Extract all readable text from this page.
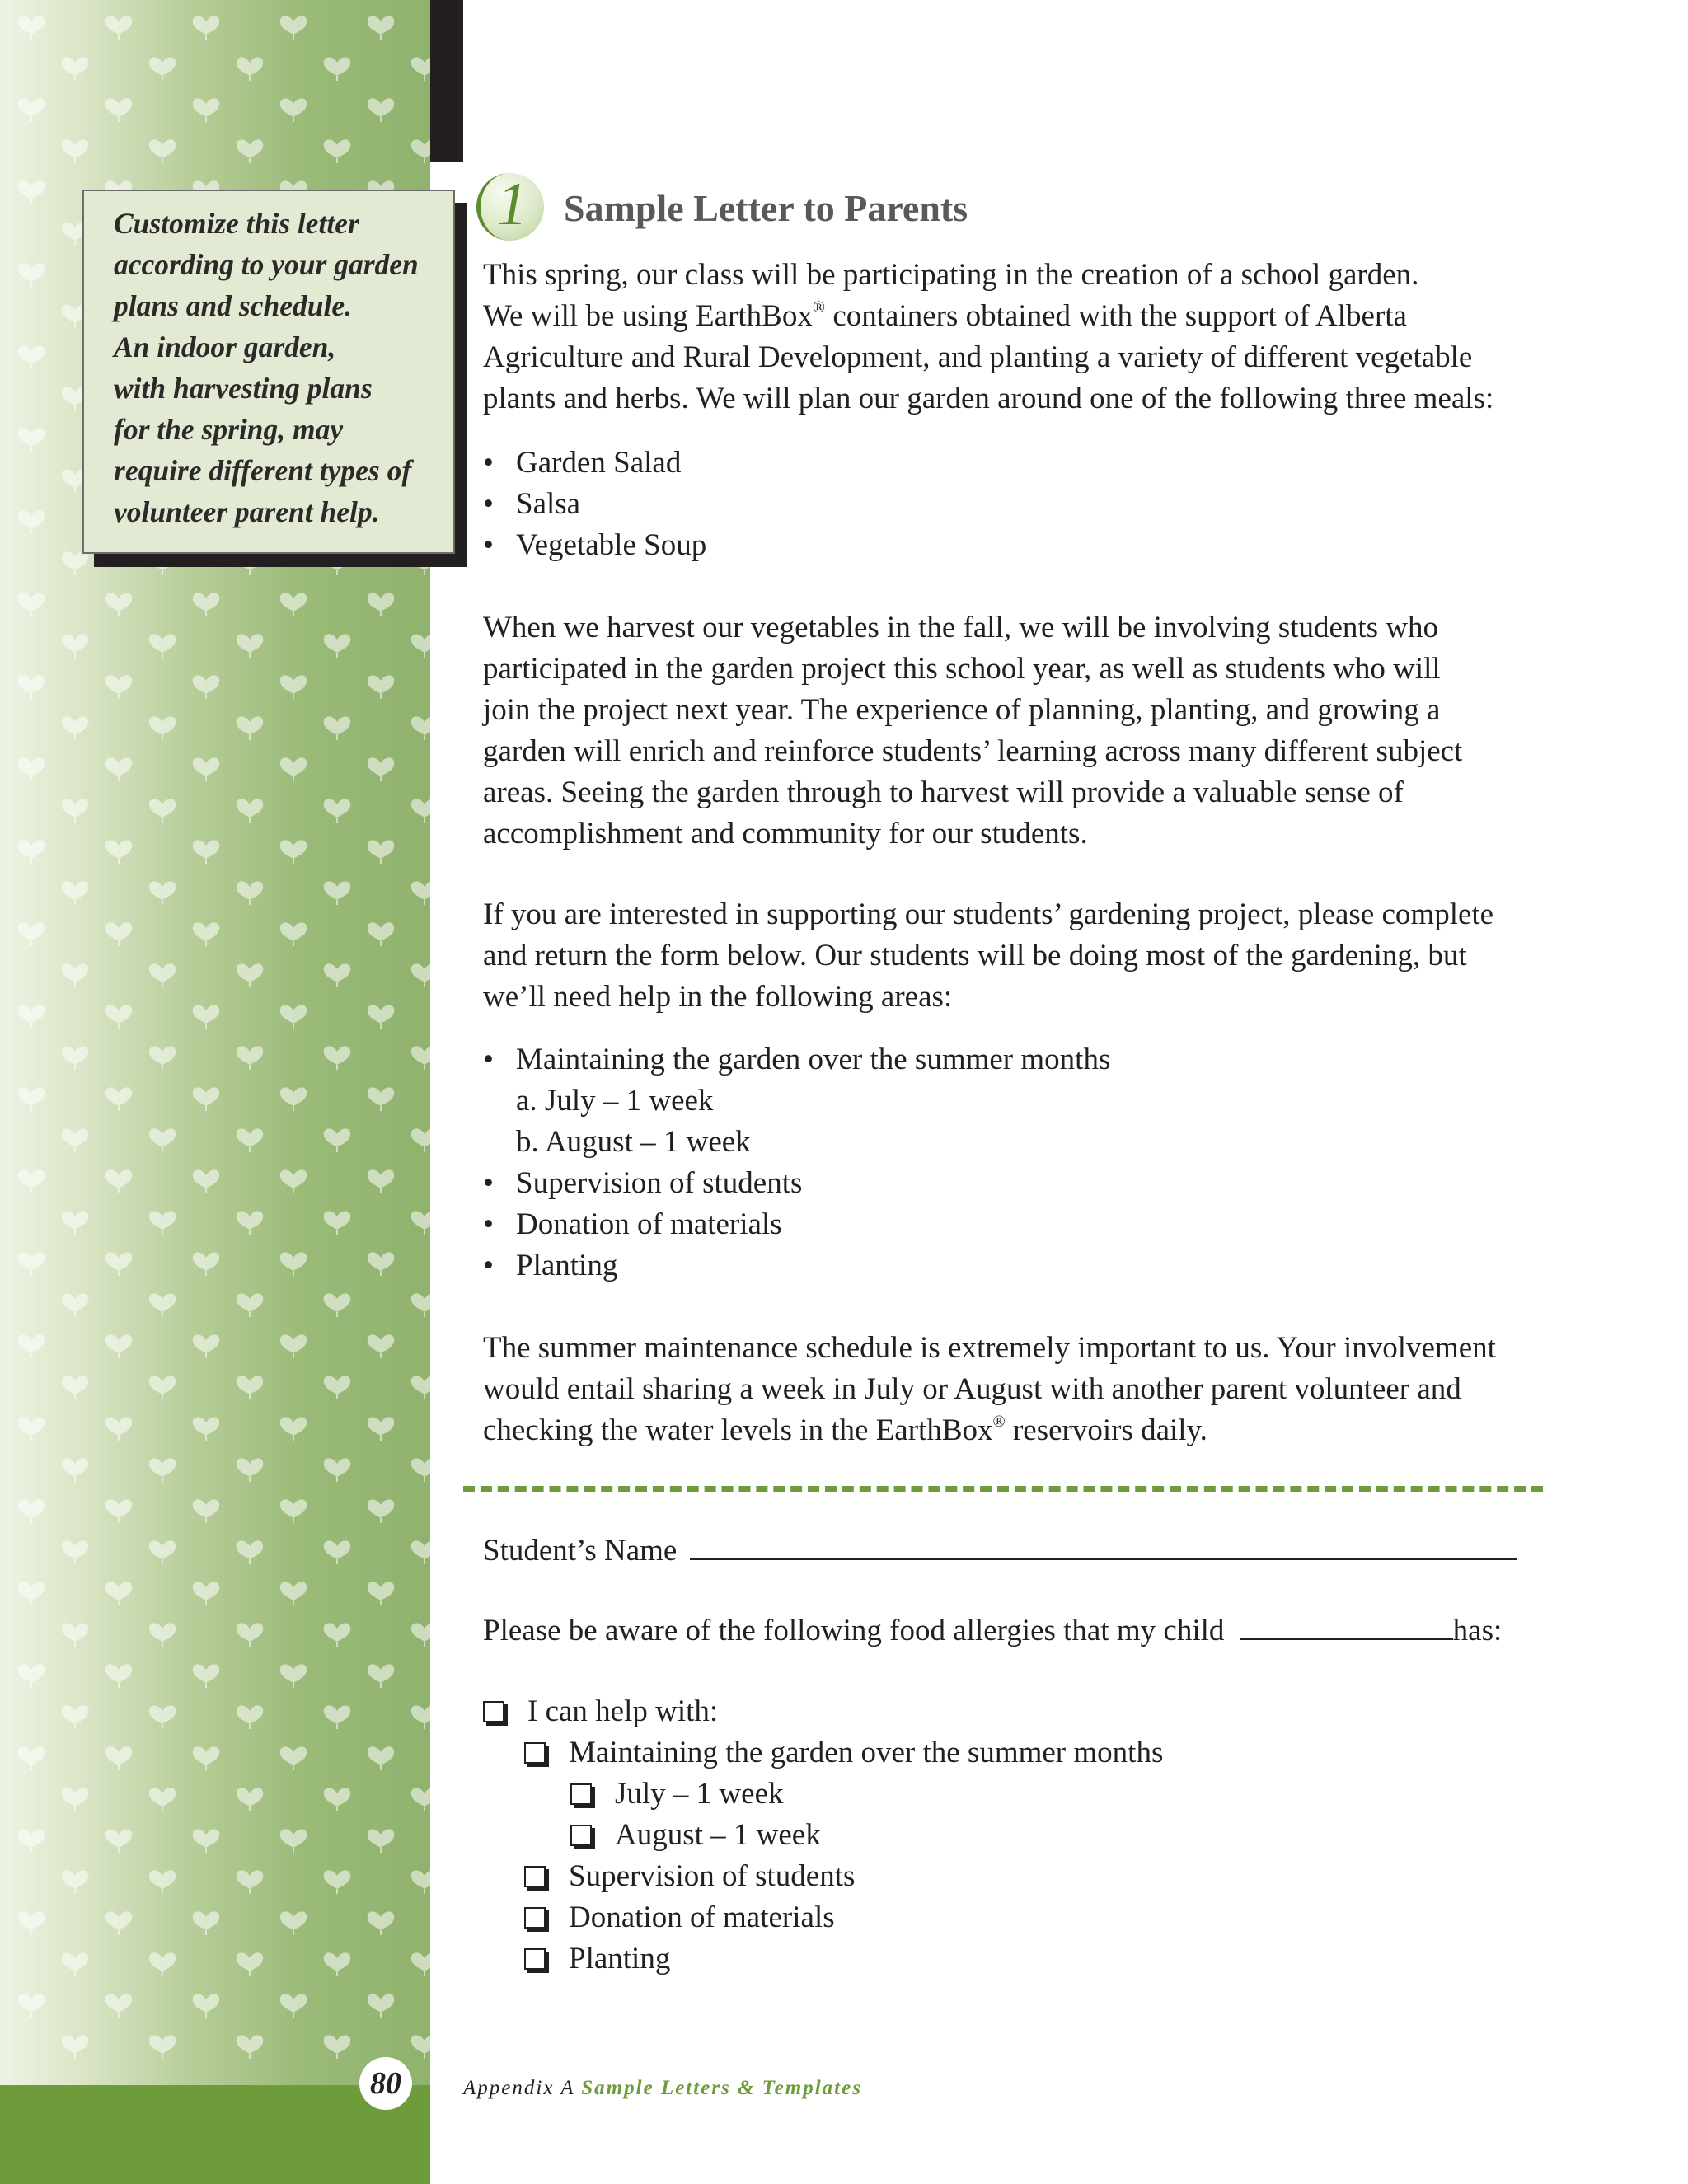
Customize this letter

according to your garden

plans and schedule.

An indoor garden,

with harvesting plans

for the spring, may

require different types of

volunteer parent help.

1 Sample Letter to Parents

This spring, our class will be participating in the creation of a school garden.

We will be using EarthBox® containers obtained with the support of Alberta

Agriculture and Rural Development, and planting a variety of different vegetable

plants and herbs. We will plan our garden around one of the following three meals:

• Garden Salad
• Salsa
• Vegetable Soup

When we harvest our vegetables in the fall, we will be involving students who

participated in the garden project this school year, as well as students who will

join the project next year. The experience of planning, planting, and growing a

garden will enrich and reinforce students’ learning across many different subject

areas. Seeing the garden through to harvest will provide a valuable sense of

accomplishment and community for our students.

If you are interested in supporting our students’ gardening project, please complete

and return the form below. Our students will be doing most of the gardening, but

we’ll need help in the following areas:

• Maintaining the garden over the summer months
a. July – 1 week
b. August – 1 week
• Supervision of students
• Donation of materials
• Planting

The summer maintenance schedule is extremely important to us. Your involvement

would entail sharing a week in July or August with another parent volunteer and

checking the water levels in the EarthBox® reservoirs daily.

Student’s Name
Please be aware of the following food allergies that my child	has:
I can help with:
Maintaining the garden over the summer months
July – 1 week
August – 1 week
Supervision of students
Donation of materials
Planting
80	Appendix A Sample Letters & Templates
